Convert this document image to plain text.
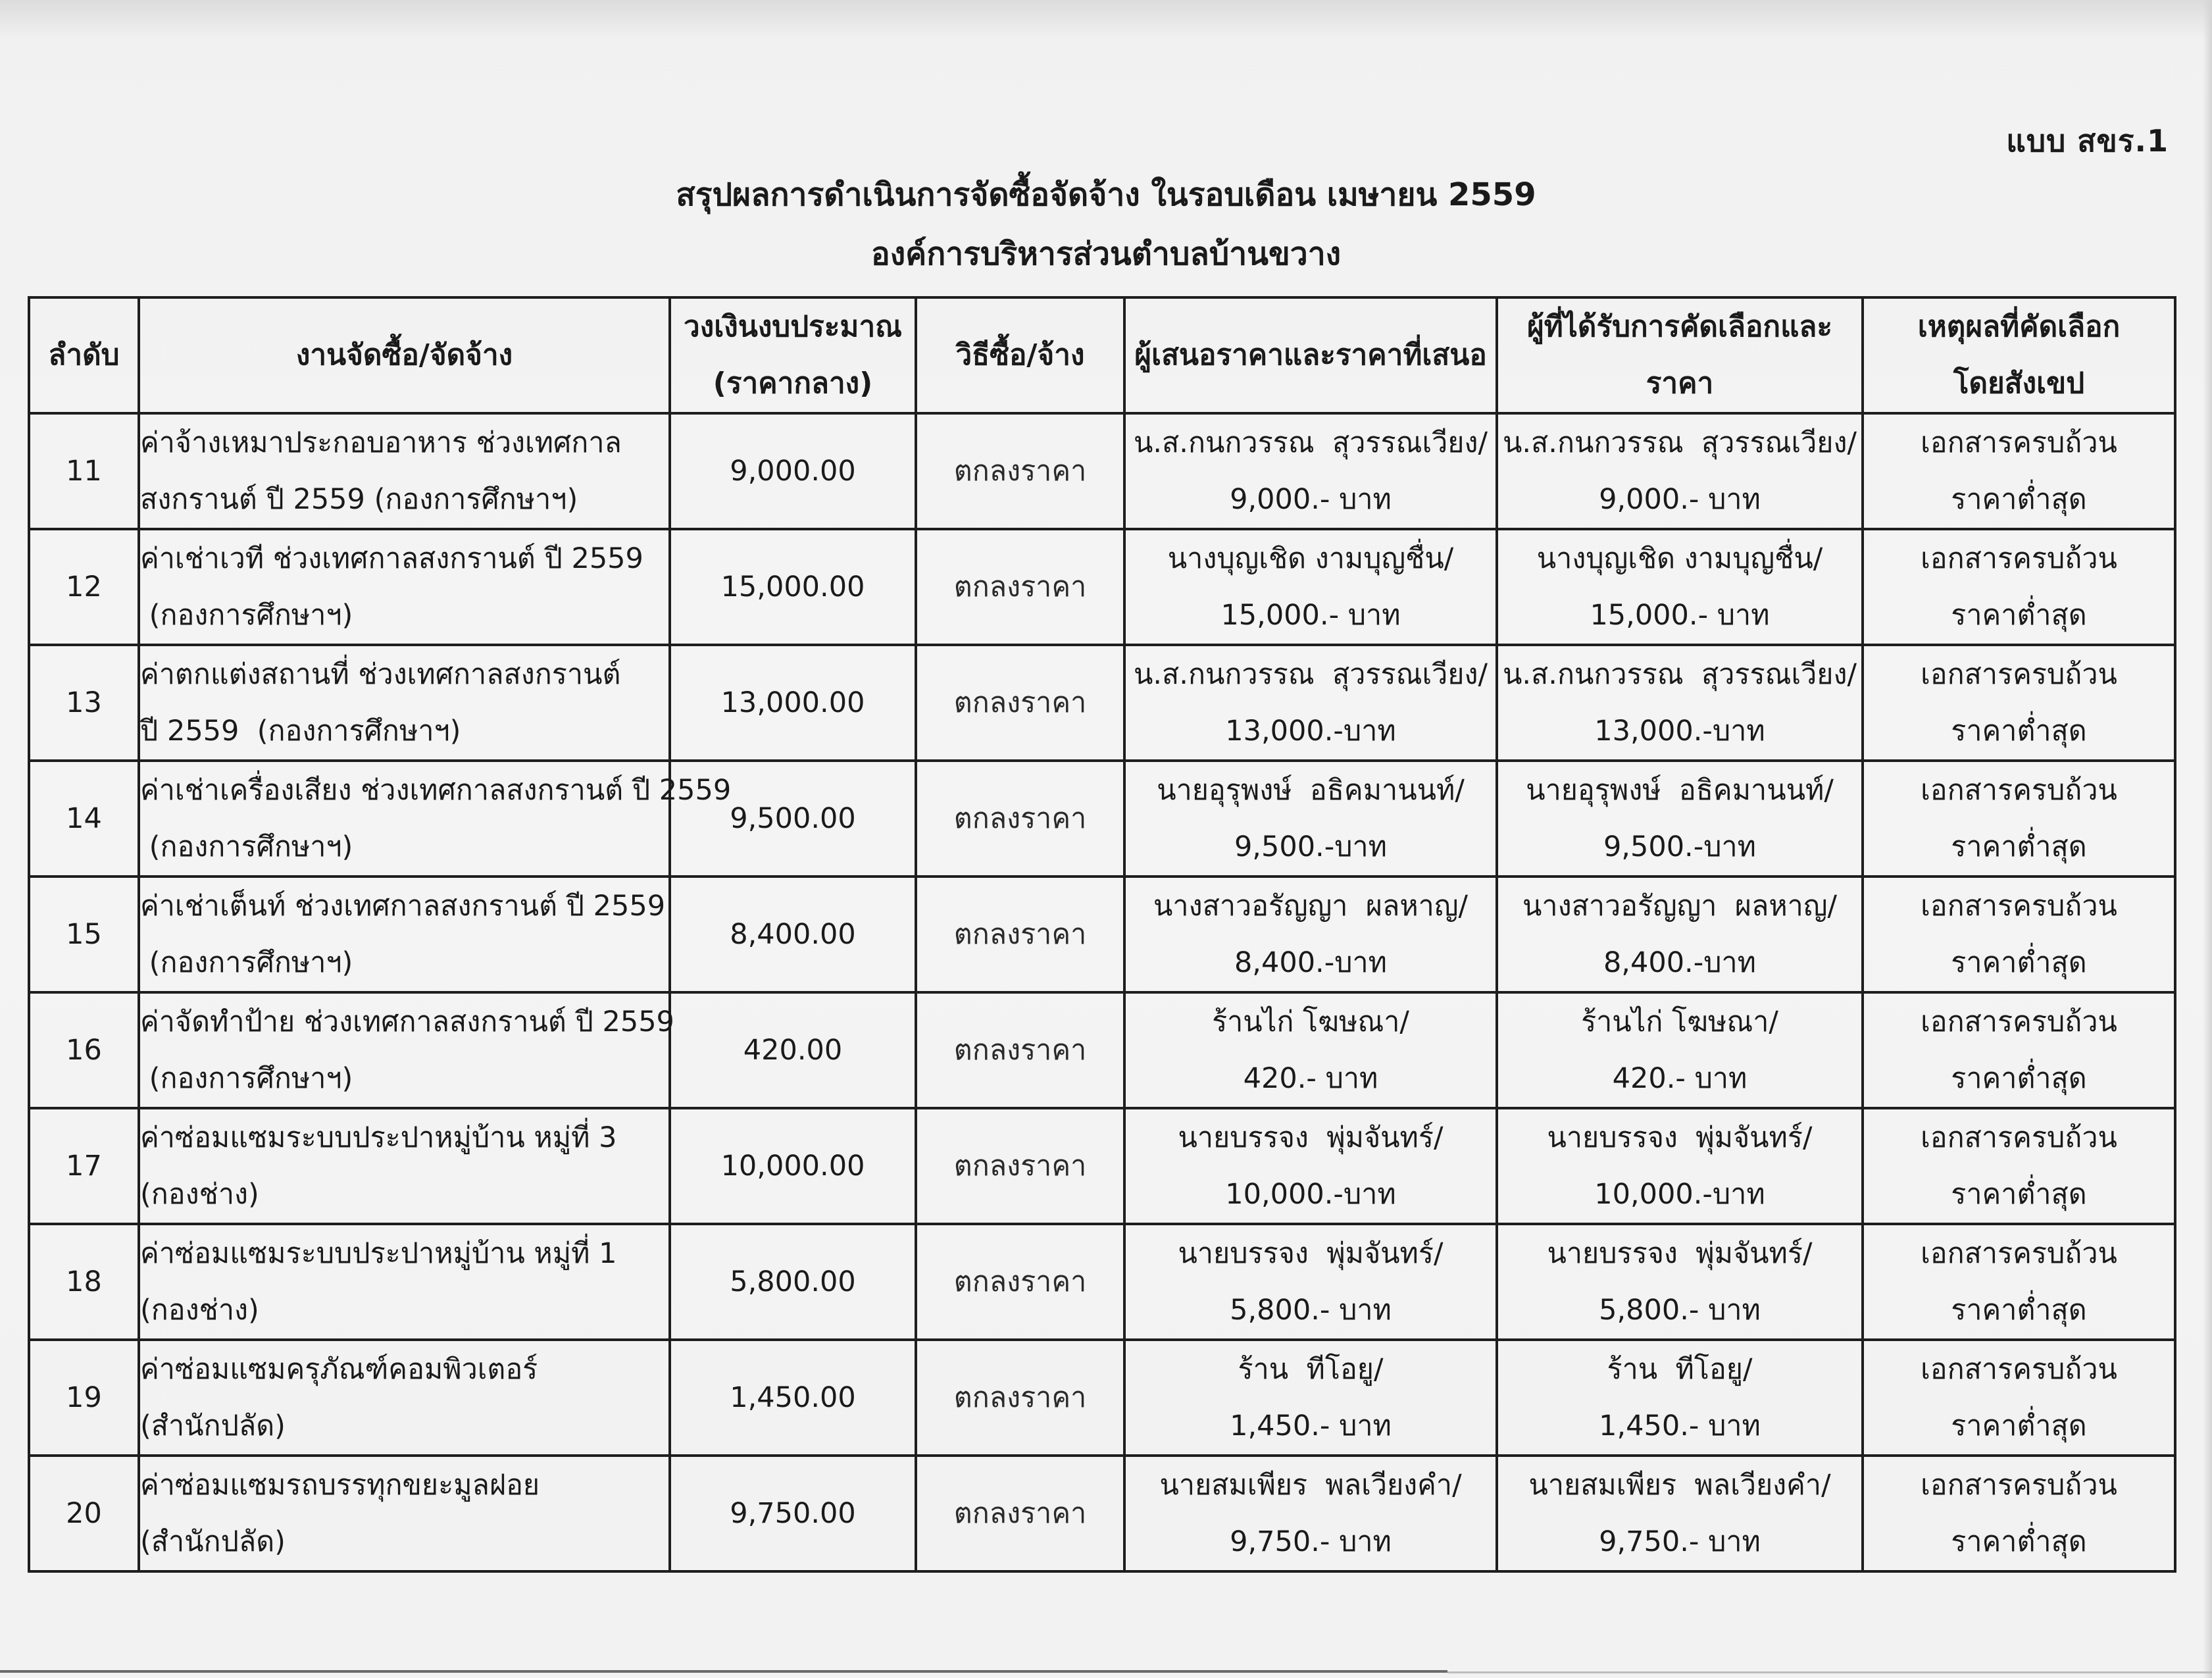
แบบ สขร.1
สรุปผลการดำเนินการจัดซื้อจัดจ้าง ในรอบเดือน เมษายน 2559
องค์การบริหารส่วนตำบลบ้านขวาง
ลำดับ	งานจัดซื้อ/จัดจ้าง	วงเงินงบประมาณ
(ราคากลาง)	วิธีซื้อ/จ้าง	ผู้เสนอราคาและราคาที่เสนอ	ผู้ที่ได้รับการคัดเลือกและราคา	เหตุผลที่คัดเลือก
โดยสังเขป

11	ค่าจ้างเหมาประกอบอาหาร ช่วงเทศกาล
สงกรานต์ ปี 2559 (กองการศึกษาฯ)	9,000.00	ตกลงราคา	น.ส.กนกวรรณ  สุวรรณเวียง/
9,000.- บาท	น.ส.กนกวรรณ  สุวรรณเวียง/
9,000.- บาท	เอกสารครบถ้วน
ราคาต่ำสุด

12	ค่าเช่าเวที ช่วงเทศกาลสงกรานต์ ปี 2559
(กองการศึกษาฯ)	15,000.00	ตกลงราคา	นางบุญเชิด งามบุญชื่น/
15,000.- บาท	นางบุญเชิด งามบุญชื่น/
15,000.- บาท	เอกสารครบถ้วน
ราคาต่ำสุด

13	ค่าตกแต่งสถานที่ ช่วงเทศกาลสงกรานต์
ปี 2559  (กองการศึกษาฯ)	13,000.00	ตกลงราคา	น.ส.กนกวรรณ  สุวรรณเวียง/
13,000.-บาท	น.ส.กนกวรรณ  สุวรรณเวียง/
13,000.-บาท	เอกสารครบถ้วน
ราคาต่ำสุด

14	ค่าเช่าเครื่องเสียง ช่วงเทศกาลสงกรานต์ ปี 2559
(กองการศึกษาฯ)	9,500.00	ตกลงราคา	นายอุรุพงษ์  อธิคมานนท์/
9,500.-บาท	นายอุรุพงษ์  อธิคมานนท์/
9,500.-บาท	เอกสารครบถ้วน
ราคาต่ำสุด

15	ค่าเช่าเต็นท์ ช่วงเทศกาลสงกรานต์ ปี 2559
(กองการศึกษาฯ)	8,400.00	ตกลงราคา	นางสาวอรัญญา  ผลหาญ/
8,400.-บาท	นางสาวอรัญญา  ผลหาญ/
8,400.-บาท	เอกสารครบถ้วน
ราคาต่ำสุด

16	ค่าจัดทำป้าย ช่วงเทศกาลสงกรานต์ ปี 2559
(กองการศึกษาฯ)	420.00	ตกลงราคา	ร้านไก่ โฆษณา/
420.- บาท	ร้านไก่ โฆษณา/
420.- บาท	เอกสารครบถ้วน
ราคาต่ำสุด

17	ค่าซ่อมแซมระบบประปาหมู่บ้าน หมู่ที่ 3
(กองช่าง)	10,000.00	ตกลงราคา	นายบรรจง  พุ่มจันทร์/
10,000.-บาท	นายบรรจง  พุ่มจันทร์/
10,000.-บาท	เอกสารครบถ้วน
ราคาต่ำสุด

18	ค่าซ่อมแซมระบบประปาหมู่บ้าน หมู่ที่ 1
(กองช่าง)	5,800.00	ตกลงราคา	นายบรรจง  พุ่มจันทร์/
5,800.- บาท	นายบรรจง  พุ่มจันทร์/
5,800.- บาท	เอกสารครบถ้วน
ราคาต่ำสุด

19	ค่าซ่อมแซมครุภัณฑ์คอมพิวเตอร์
(สำนักปลัด)	1,450.00	ตกลงราคา	ร้าน  ทีโอยู/
1,450.- บาท	ร้าน  ทีโอยู/
1,450.- บาท	เอกสารครบถ้วน
ราคาต่ำสุด

20	ค่าซ่อมแซมรถบรรทุกขยะมูลฝอย
(สำนักปลัด)	9,750.00	ตกลงราคา	นายสมเพียร  พลเวียงคำ/
9,750.- บาท	นายสมเพียร  พลเวียงคำ/
9,750.- บาท	เอกสารครบถ้วน
ราคาต่ำสุด
